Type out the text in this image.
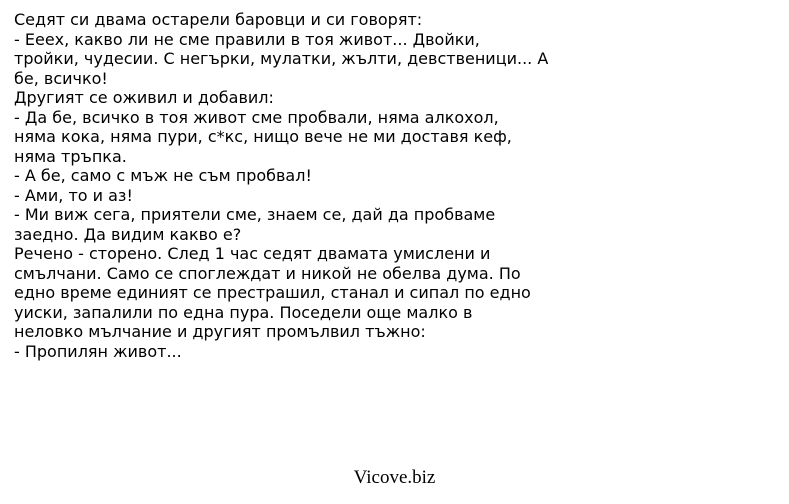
Седят си двама остарели баровци и си говорят:
- Ееех, какво ли не сме правили в тоя живот... Двойки,
тройки, чудесии. С негърки, мулатки, жълти, девственици... А
бе, всичко!
Другият се оживил и добавил:
- Да бе, всичко в тоя живот сме пробвали, няма алкохол,
няма кока, няма пури, с*кс, нищо вече не ми доставя кеф,
няма тръпка.
- А бе, само с мъж не съм пробвал!
- Ами, то и аз!
- Ми виж сега, приятели сме, знаем се, дай да пробваме
заедно. Да видим какво е?
Речено - сторено. След 1 час седят двамата умислени и
смълчани. Само се споглеждат и никой не обелва дума. По
едно време единият се престрашил, станал и сипал по едно
уиски, запалили по една пура. Поседели още малко в
неловко мълчание и другият промълвил тъжно:
- Пропилян живот...
Vicove.biz
